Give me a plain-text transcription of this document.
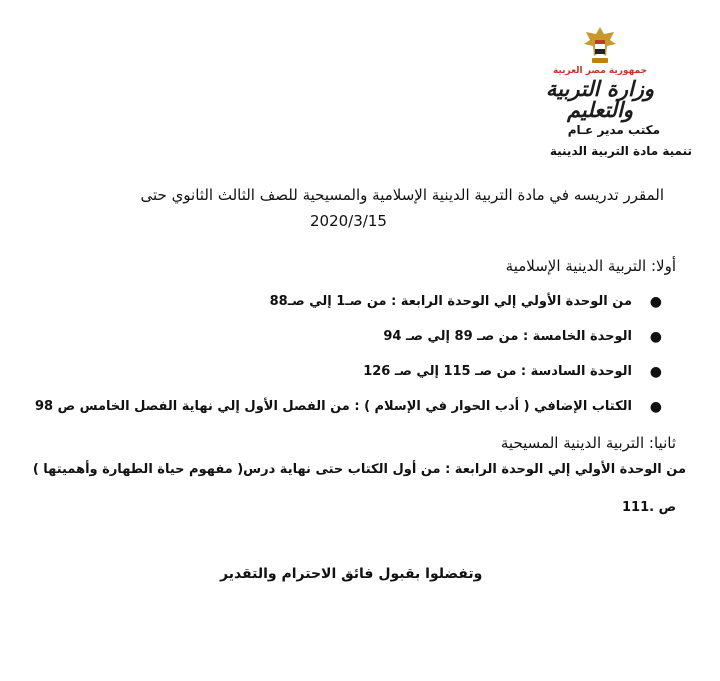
جمهورية مصر العربية
وزارة التربية والتعليم
مكتب مدير عـام
تنمية مادة التربية الدينية
المقرر تدريسه في مادة التربية الدينية الإسلامية والمسيحية للصف الثالث الثانوي حتى
2020/3/15
أولا: التربية الدينية الإسلامية
●
من الوحدة الأولي إلي الوحدة الرابعة : من صـ1 إلي صـ88
●
الوحدة الخامسة : من صـ 89 إلي صـ 94
●
الوحدة السادسة : من صـ 115 إلي صـ 126
●
الكتاب الإضافي ( أدب الحوار في الإسلام ) : من الفصل الأول إلي نهاية الفصل الخامس ص 98
ثانيا: التربية الدينية المسيحية
من الوحدة الأولي إلي الوحدة الرابعة : من أول الكتاب حتى نهاية درس( مفهوم حياة الطهارة وأهميتها )
ص .111
وتفضلوا بقبول فائق الاحترام والتقدير
